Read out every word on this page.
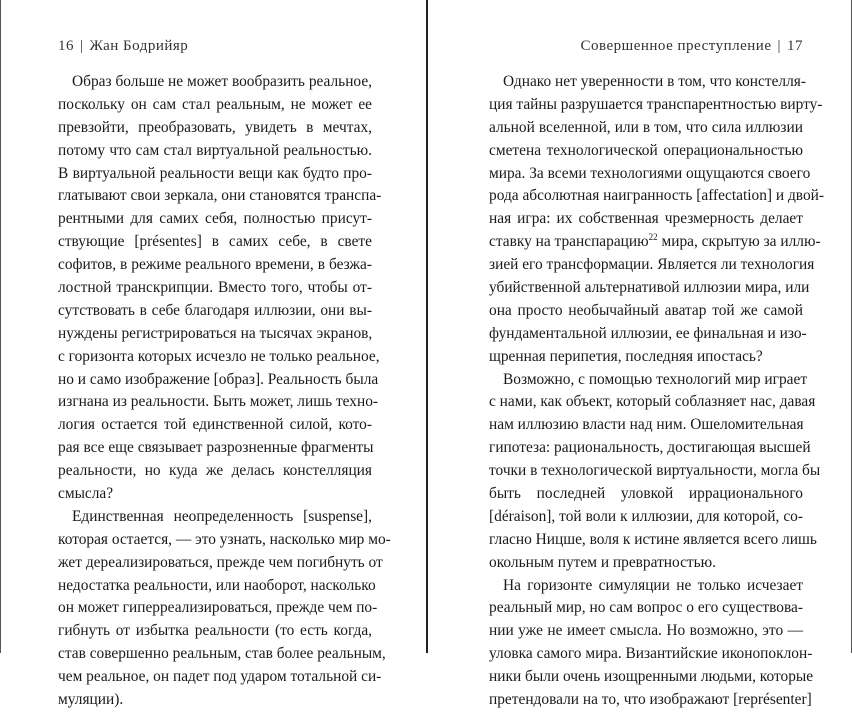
16 | Жан Бодрийяр
Образ больше не может вообразить реальное,
поскольку он сам стал реальным, не может ее
превзойти, преобразовать, увидеть в мечтах,
потому что сам стал виртуальной реальностью.
В виртуальной реальности вещи как будто про-
глатывают свои зеркала, они становятся транспа-
рентными для самих себя, полностью присут-
ствующие [présentes] в самих себе, в свете
софитов, в режиме реального времени, в безжа-
лостной транскрипции. Вместо того, чтобы от-
сутствовать в себе благодаря иллюзии, они вы-
нуждены регистрироваться на тысячах экранов,
с горизонта которых исчезло не только реальное,
но и само изображение [образ]. Реальность была
изгнана из реальности. Быть может, лишь техно-
логия остается той единственной силой, кото-
рая все еще связывает разрозненные фрагменты
реальности, но куда же делась констелляция
смысла?
Единственная неопределенность [suspense],
которая остается, — это узнать, насколько мир мо-
жет дереализироваться, прежде чем погибнуть от
недостатка реальности, или наоборот, насколько
он может гиперреализироваться, прежде чем по-
гибнуть от избытка реальности (то есть когда,
став совершенно реальным, став более реальным,
чем реальное, он падет под ударом тотальной си-
муляции).
Совершенное преступление | 17
Однако нет уверенности в том, что констелля-
ция тайны разрушается транспарентностью вирту-
альной вселенной, или в том, что сила иллюзии
сметена технологической операциональностью
мира. За всеми технологиями ощущаются своего
рода абсолютная наигранность [affectation] и двой-
ная игра: их собственная чрезмерность делает
ставку на транспарацию$^{22}$ мира, скрытую за иллю-
зией его трансформации. Является ли технология
убийственной альтернативой иллюзии мира, или
она просто необычайный аватар той же самой
фундаментальной иллюзии, ее финальная и изо-
щренная перипетия, последняя ипостась?
Возможно, с помощью технологий мир играет
с нами, как объект, который соблазняет нас, давая
нам иллюзию власти над ним. Ошеломительная
гипотеза: рациональность, достигающая высшей
точки в технологической виртуальности, могла бы
быть последней уловкой иррационального
[déraison], той воли к иллюзии, для которой, со-
гласно Ницше, воля к истине является всего лишь
окольным путем и превратностью.
На горизонте симуляции не только исчезает
реальный мир, но сам вопрос о его существова-
нии уже не имеет смысла. Но возможно, это —
уловка самого мира. Византийские иконопоклон-
ники были очень изощренными людьми, которые
претендовали на то, что изображают [représenter]
